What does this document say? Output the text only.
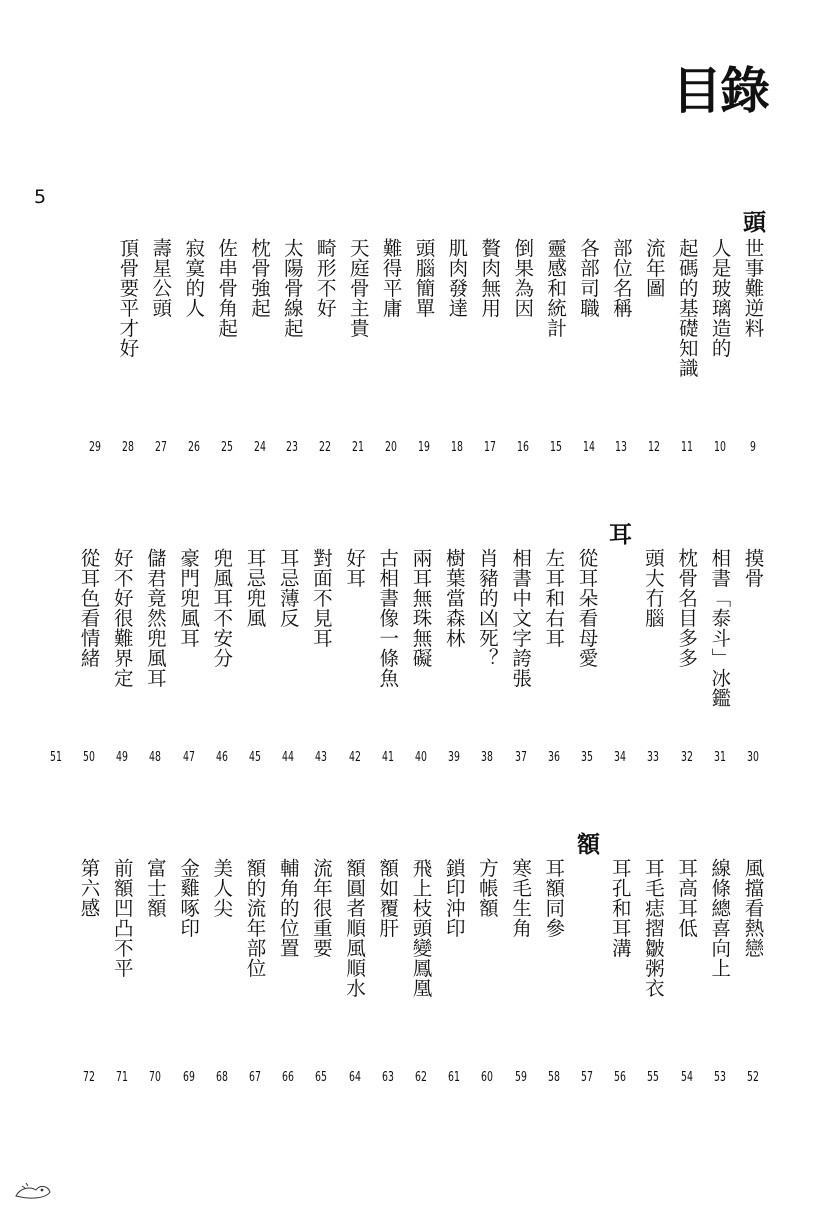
目錄
5
頭
世事難逆料
9
人是玻璃造的
10
起碼的基礎知識
11
流年圖
12
部位名稱
13
各部司職
14
靈感和統計
15
倒果為因
16
贅肉無用
17
肌肉發達
18
頭腦簡單
19
難得平庸
20
天庭骨主貴
21
畸形不好
22
太陽骨線起
23
枕骨強起
24
佐串骨角起
25
寂寞的人
26
壽星公頭
27
頂骨要平才好
28
29
耳
摸骨
30
相書「泰斗」冰鑑
31
枕骨名目多多
32
頭大冇腦
33
34
從耳朵看母愛
35
左耳和右耳
36
相書中文字誇張
37
肖豬的凶死？
38
樹葉當森林
39
兩耳無珠無礙
40
古相書像一條魚
41
好耳
42
對面不見耳
43
耳忌薄反
44
耳忌兜風
45
兜風耳不安分
46
豪門兜風耳
47
儲君竟然兜風耳
48
好不好很難界定
49
從耳色看情緒
50
51
額
風擋看熱戀
52
線條總喜向上
53
耳高耳低
54
耳毛痣摺皺粥衣
55
耳孔和耳溝
56
57
耳額同參
58
寒毛生角
59
方帳額
60
鎖印沖印
61
飛上枝頭變鳳凰
62
額如覆肝
63
額圓者順風順水
64
流年很重要
65
輔角的位置
66
額的流年部位
67
美人尖
68
金雞啄印
69
富士額
70
前額凹凸不平
71
第六感
72
